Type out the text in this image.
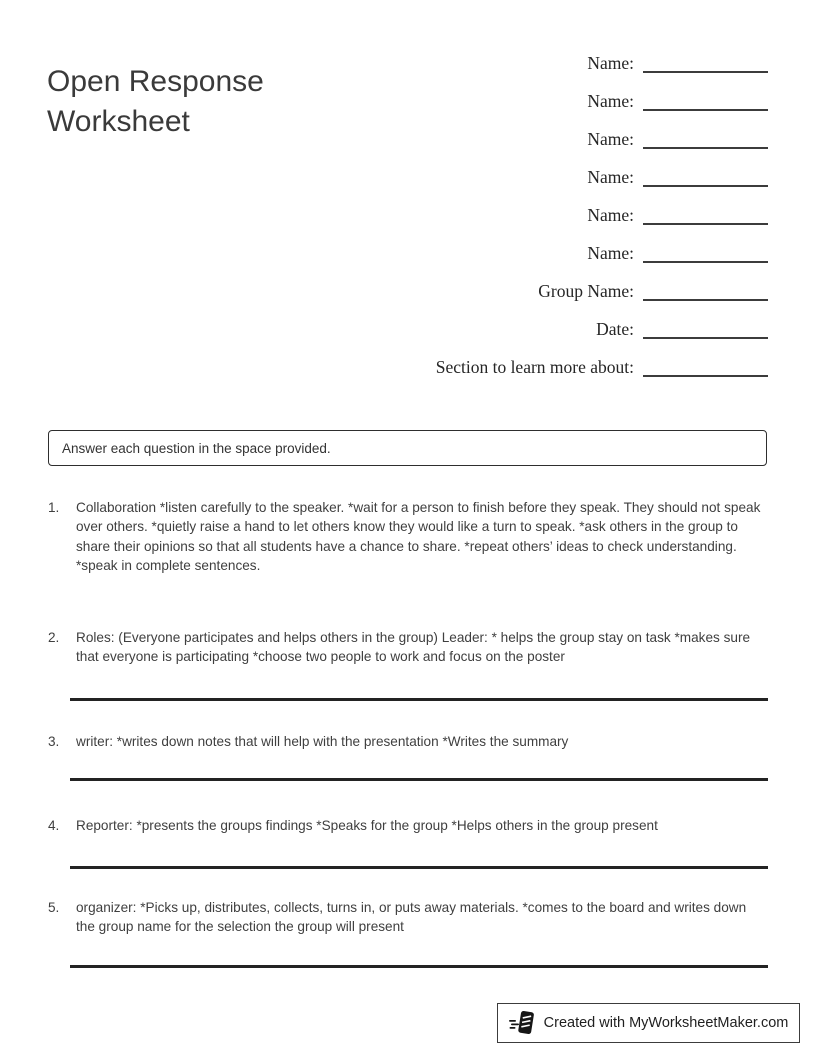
Open Response Worksheet
Name:
Name:
Name:
Name:
Name:
Name:
Group Name:
Date:
Section to learn more about:
Answer each question in the space provided.
1.	Collaboration *listen carefully to the speaker. *wait for a person to finish before they speak. They should not speak over others. *quietly raise a hand to let others know they would like a turn to speak. *ask others in the group to share their opinions so that all students have a chance to share. *repeat others’ ideas to check understanding. *speak in complete sentences.
2.	Roles: (Everyone participates and helps others in the group) Leader: * helps the group stay on task *makes sure that everyone is participating *choose two people to work and focus on the poster
3.	writer: *writes down notes that will help with the presentation *Writes the summary
4.	Reporter: *presents the groups findings *Speaks for the group *Helps others in the group present
5.	organizer: *Picks up, distributes, collects, turns in, or puts away materials. *comes to the board and writes down the group name for the selection the group will present
Created with MyWorksheetMaker.com
